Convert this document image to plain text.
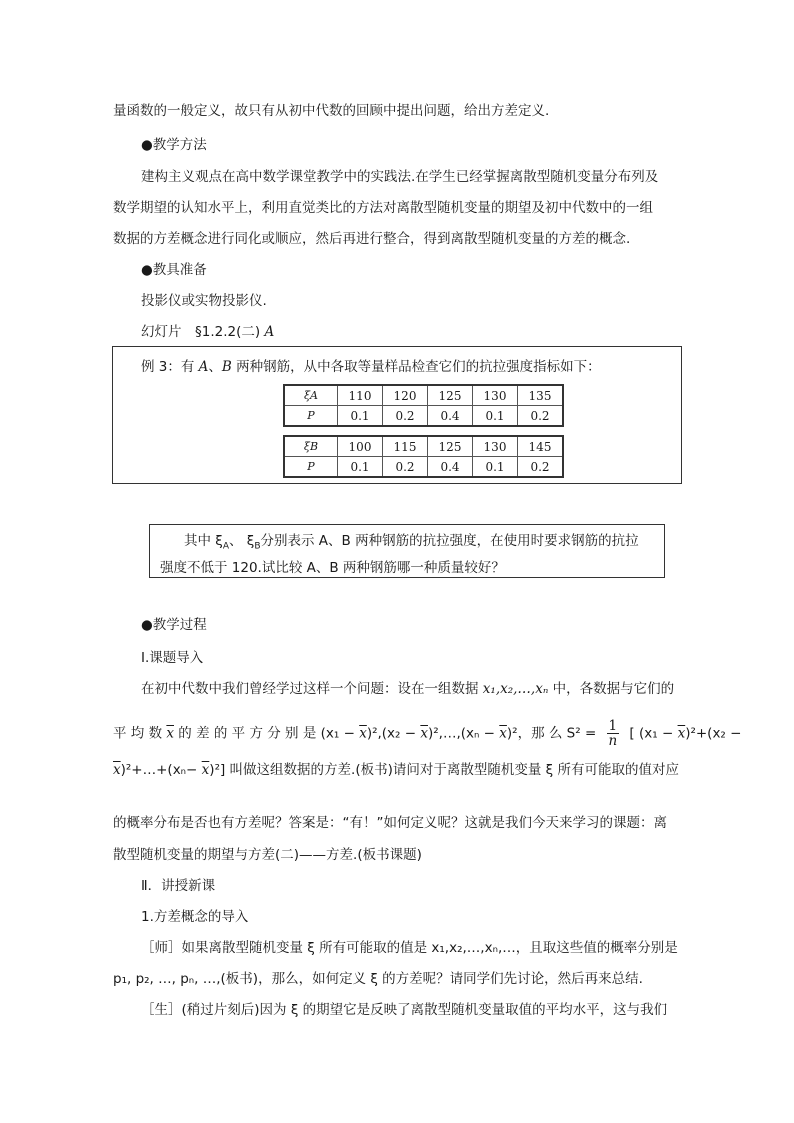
量函数的一般定义，故只有从初中代数的回顾中提出问题，给出方差定义.
●教学方法
建构主义观点在高中数学课堂教学中的实践法.在学生已经掌握离散型随机变量分布列及
数学期望的认知水平上，利用直觉类比的方法对离散型随机变量的期望及初中代数中的一组
数据的方差概念进行同化或顺应，然后再进行整合，得到离散型随机变量的方差的概念.
●教具准备
投影仪或实物投影仪.
幻灯片　§1.2.2(二) A
例 3：有 A、B 两种钢筋，从中各取等量样品检查它们的抗拉强度指标如下：
ξA	110	120	125	130	135
P	0.1	0.2	0.4	0.1	0.2
ξB	100	115	125	130	145
P	0.1	0.2	0.4	0.1	0.2
其中 $\xi_A$、 $\xi_B$分别表示 A、B 两种钢筋的抗拉强度，在使用时要求钢筋的抗拉
强度不低于 120.试比较 A、B 两种钢筋哪一种质量较好？
●教学过程
Ⅰ.课题导入
在初中代数中我们曾经学过这样一个问题：设在一组数据 x₁,x₂,…,xₙ 中，各数据与它们的
平 均 数 $\overline{x}$ 的 差 的 平 方 分 别 是 $(x_1 - \overline{x})^2,(x_2$ − $\overline{x})^2,\dots,(x_n - \overline{x})^2$，那 么 $S^2 = \frac{1}{n}$ [ $(x_1 - \overline{x})^2+(x_2$ −
$\overline{x})^2+\dots+(x_n- \overline{x})^2$] 叫做这组数据的方差.(板书)请问对于离散型随机变量 ξ 所有可能取的值对应
的概率分布是否也有方差呢？答案是：“有！”如何定义呢？这就是我们今天来学习的课题：离
散型随机变量的期望与方差(二)——方差.(板书课题)
Ⅱ．讲授新课
1.方差概念的导入
［师］如果离散型随机变量 ξ 所有可能取的值是 x₁,x₂,…,xₙ,…，且取这些值的概率分别是
p₁, p₂, …, pₙ, …,(板书)，那么，如何定义 ξ 的方差呢？请同学们先讨论，然后再来总结.
［生］(稍过片刻后)因为 ξ 的期望它是反映了离散型随机变量取值的平均水平，这与我们
